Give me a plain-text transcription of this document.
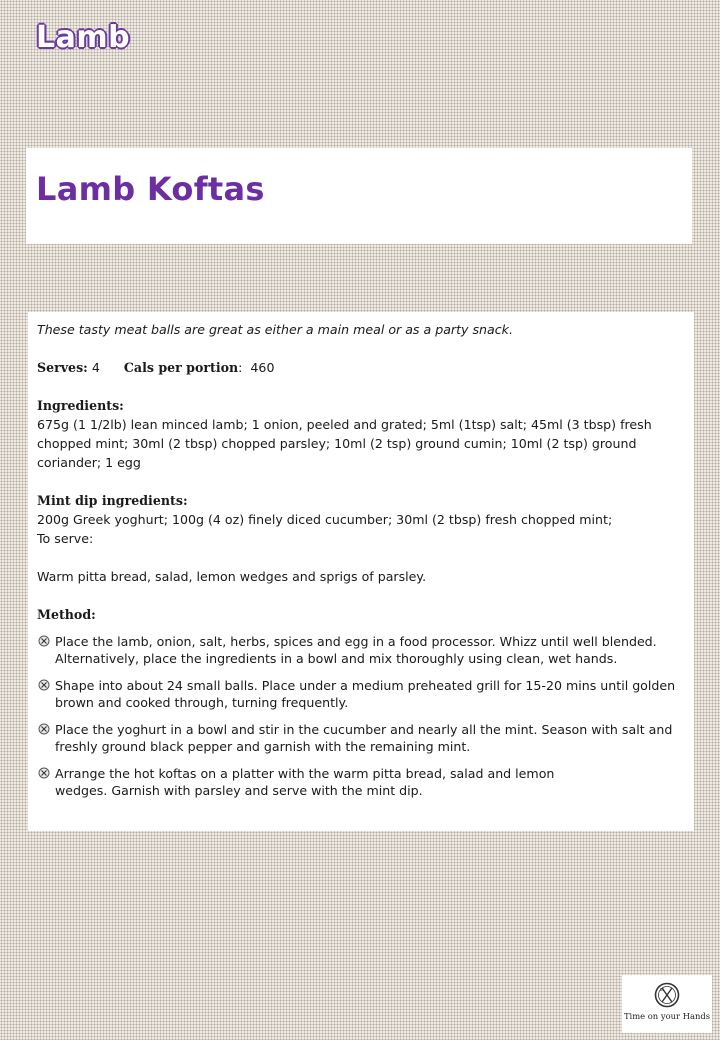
Lamb
Lamb Koftas

These tasty meat balls are great as either a main meal or as a party snack.

Serves: 4 Cals per portion:  460

Ingredients:

675g (1 1/2lb) lean minced lamb; 1 onion, peeled and grated; 5ml (1tsp) salt; 45ml (3 tbsp) fresh chopped mint; 30ml (2 tbsp) chopped parsley; 10ml (2 tsp) ground cumin; 10ml (2 tsp) ground coriander; 1 egg

Mint dip ingredients:

200g Greek yoghurt; 100g (4 oz) finely diced cucumber; 30ml (2 tbsp) fresh chopped mint;

To serve:

Warm pitta bread, salad, lemon wedges and sprigs of parsley.

Method:

Place the lamb, onion, salt, herbs, spices and egg in a food processor. Whizz until well blended. Alternatively, place the ingredients in a bowl and mix thoroughly using clean, wet hands.
Shape into about 24 small balls. Place under a medium preheated grill for 15-20 mins until golden brown and cooked through, turning frequently.
Place the yoghurt in a bowl and stir in the cucumber and nearly all the mint. Season with salt and freshly ground black pepper and garnish with the remaining mint.
Arrange the hot koftas on a platter with the warm pitta bread, salad and lemon wedges. Garnish with parsley and serve with the mint dip.
Time on your Hands
